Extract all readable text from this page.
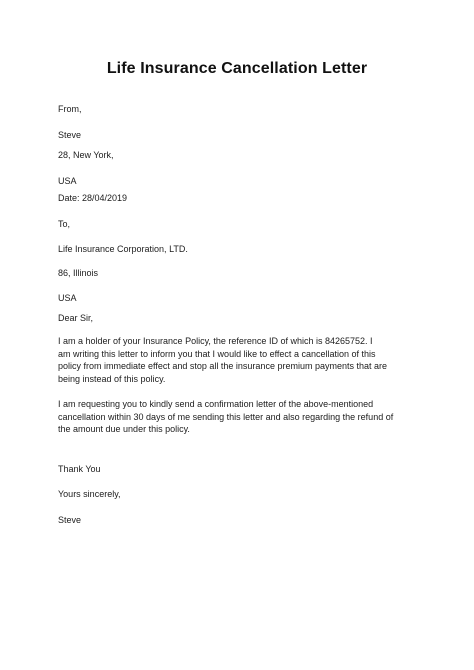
Life Insurance Cancellation Letter
From,
Steve
28, New York,
USA
Date: 28/04/2019
To,
Life Insurance Corporation, LTD.
86, Illinois
USA
Dear Sir,
I am a holder of your Insurance Policy, the reference ID of which is 84265752. I
am writing this letter to inform you that I would like to effect a cancellation of this
policy from immediate effect and stop all the insurance premium payments that are
being instead of this policy.
I am requesting you to kindly send a confirmation letter of the above-mentioned
cancellation within 30 days of me sending this letter and also regarding the refund of
the amount due under this policy.
Thank You
Yours sincerely,
Steve
